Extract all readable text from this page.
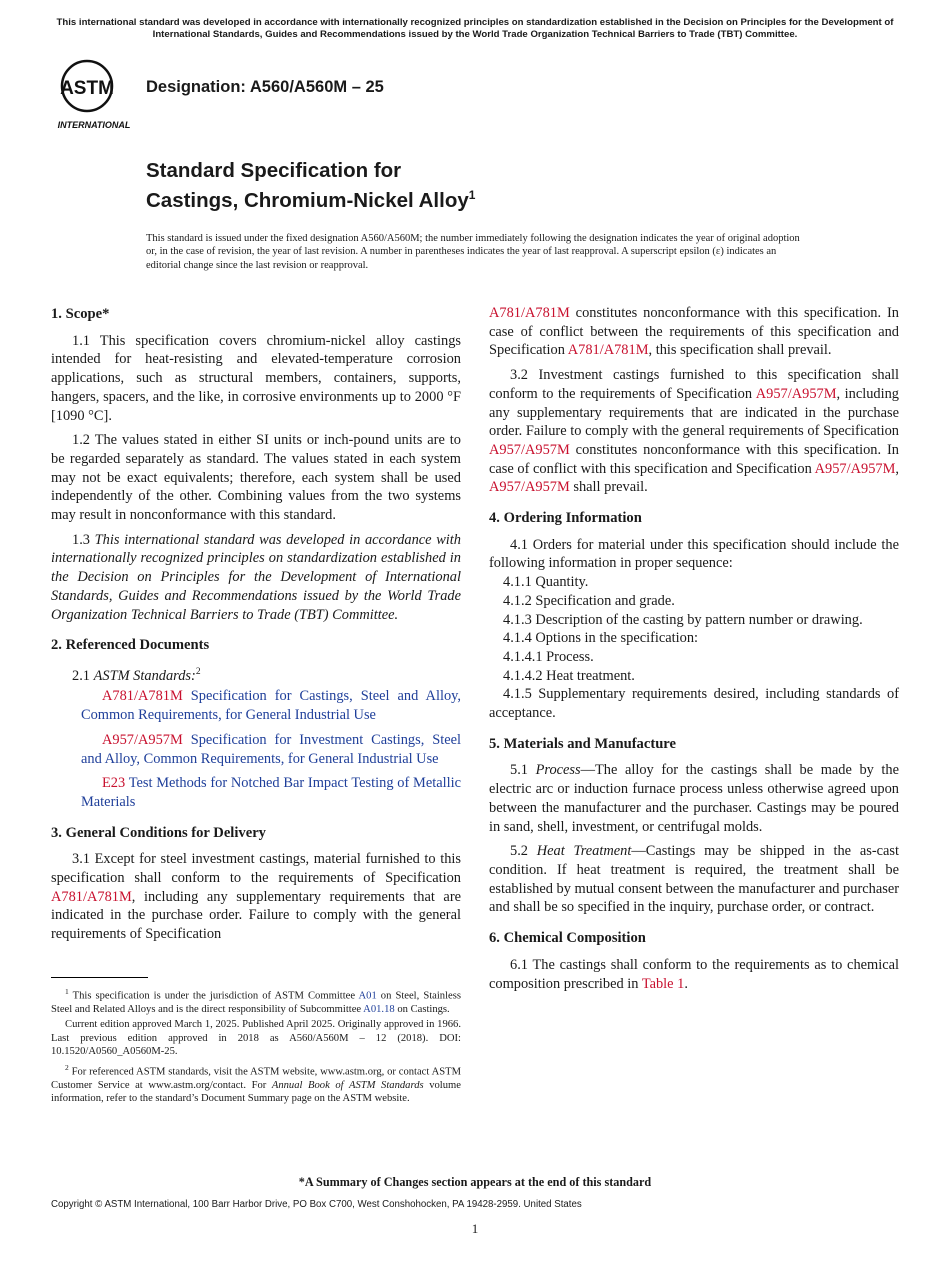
This international standard was developed in accordance with internationally recognized principles on standardization established in the Decision on Principles for the Development of International Standards, Guides and Recommendations issued by the World Trade Organization Technical Barriers to Trade (TBT) Committee.
ASTM
INTERNATIONAL
Designation: A560/A560M – 25
Standard Specification for
Castings, Chromium-Nickel Alloy$^1$
This standard is issued under the fixed designation A560/A560M; the number immediately following the designation indicates the year of original adoption or, in the case of revision, the year of last revision. A number in parentheses indicates the year of last reapproval. A superscript epsilon (ε) indicates an editorial change since the last revision or reapproval.
1. Scope*

1.1 This specification covers chromium-nickel alloy castings intended for heat-resisting and elevated-temperature corrosion applications, such as structural members, containers, supports, hangers, spacers, and the like, in corrosive environments up to 2000 °F [1090 °C].

1.2 The values stated in either SI units or inch-pound units are to be regarded separately as standard. The values stated in each system may not be exact equivalents; therefore, each system shall be used independently of the other. Combining values from the two systems may result in nonconformance with this standard.

1.3 This international standard was developed in accordance with internationally recognized principles on standardization established in the Decision on Principles for the Development of International Standards, Guides and Recommendations issued by the World Trade Organization Technical Barriers to Trade (TBT) Committee.

2. Referenced Documents
2.1 ASTM Standards:$^2$

A781/A781M Specification for Castings, Steel and Alloy, Common Requirements, for General Industrial Use

A957/A957M Specification for Investment Castings, Steel and Alloy, Common Requirements, for General Industrial Use

E23 Test Methods for Notched Bar Impact Testing of Metallic Materials

3. General Conditions for Delivery

3.1 Except for steel investment castings, material furnished to this specification shall conform to the requirements of Specification A781/A781M, including any supplementary requirements that are indicated in the purchase order. Failure to comply with the general requirements of Specification

A781/A781M constitutes nonconformance with this specification. In case of conflict between the requirements of this specification and Specification A781/A781M, this specification shall prevail.

3.2 Investment castings furnished to this specification shall conform to the requirements of Specification A957/A957M, including any supplementary requirements that are indicated in the purchase order. Failure to comply with the general requirements of Specification A957/A957M constitutes nonconformance with this specification. In case of conflict with this specification and Specification A957/A957M, A957/A957M shall prevail.

4. Ordering Information

4.1 Orders for material under this specification should include the following information in proper sequence:

4.1.1 Quantity.

4.1.2 Specification and grade.

4.1.3 Description of the casting by pattern number or drawing.

4.1.4 Options in the specification:

4.1.4.1 Process.

4.1.4.2 Heat treatment.

4.1.5 Supplementary requirements desired, including standards of acceptance.

5. Materials and Manufacture

5.1 Process—The alloy for the castings shall be made by the electric arc or induction furnace process unless otherwise agreed upon between the manufacturer and the purchaser. Castings may be poured in sand, shell, investment, or centrifugal molds.

5.2 Heat Treatment—Castings may be shipped in the as-cast condition. If heat treatment is required, the treatment shall be established by mutual consent between the manufacturer and purchaser and shall be so specified in the inquiry, purchase order, or contract.

6. Chemical Composition

6.1 The castings shall conform to the requirements as to chemical composition prescribed in Table 1.

$^1$ This specification is under the jurisdiction of ASTM Committee A01 on Steel, Stainless Steel and Related Alloys and is the direct responsibility of Subcommittee A01.18 on Castings.

Current edition approved March 1, 2025. Published April 2025. Originally approved in 1966. Last previous edition approved in 2018 as A560/A560M – 12 (2018). DOI: 10.1520/A0560_A0560M-25.

$^2$ For referenced ASTM standards, visit the ASTM website, www.astm.org, or contact ASTM Customer Service at www.astm.org/contact. For Annual Book of ASTM Standards volume information, refer to the standard’s Document Summary page on the ASTM website.

*A Summary of Changes section appears at the end of this standard
Copyright © ASTM International, 100 Barr Harbor Drive, PO Box C700, West Conshohocken, PA 19428-2959. United States
1
